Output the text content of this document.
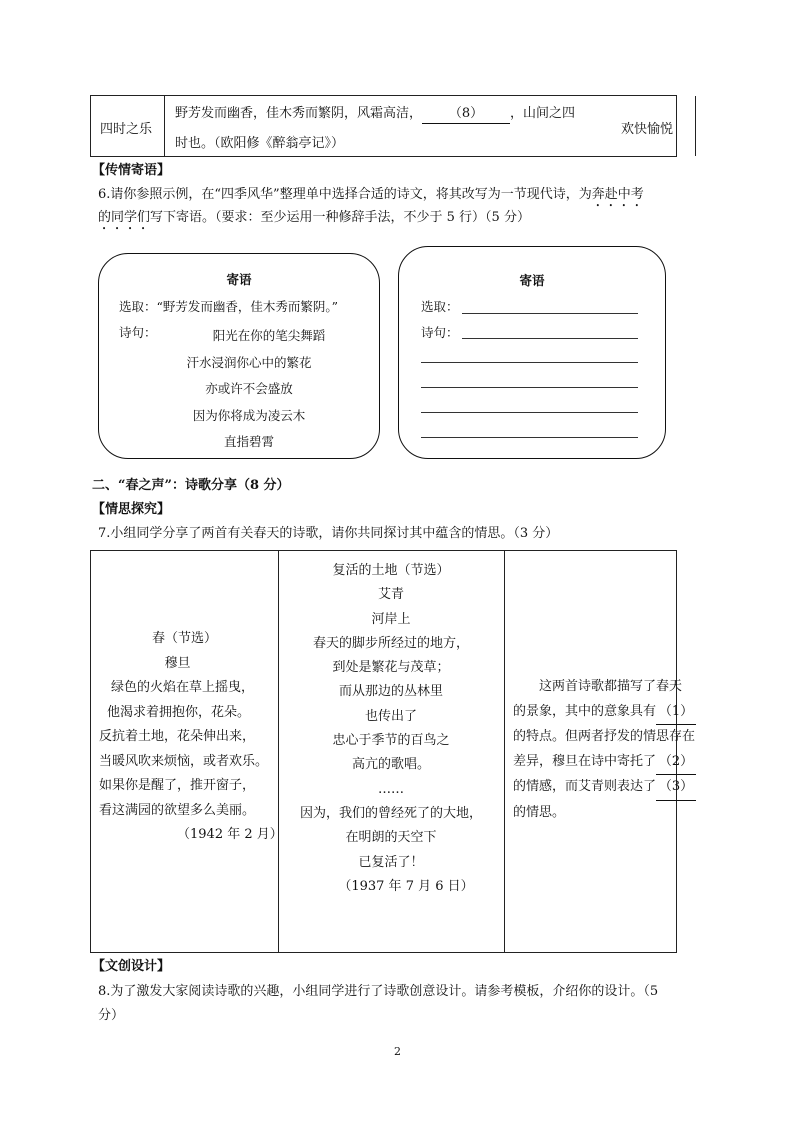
四时之乐
野芳发而幽香，佳木秀而繁阴，风霜高洁， （8） ，山间之四
时也。（欧阳修《醉翁亭记》）
欢快愉悦
【传情寄语】
6.请你参照示例，在“四季风华”整理单中选择合适的诗文，将其改写为一节现代诗，为奔赴中考
的同学们写下寄语。（要求：至少运用一种修辞手法，不少于 5 行）（5 分）
寄语
选取：“野芳发而幽香，佳木秀而繁阴。”
诗句：	阳光在你的笔尖舞蹈
汗水浸润你心中的繁花
亦或许不会盛放
因为你将成为凌云木
直指碧霄
寄语
选取：
诗句：
二、“春之声”：诗歌分享（8 分）
【情思探究】
7.小组同学分享了两首有关春天的诗歌，请你共同探讨其中蕴含的情思。（3 分）
春（节选）
穆旦
绿色的火焰在草上摇曳，
他渴求着拥抱你，花朵。
反抗着土地，花朵伸出来，
当暖风吹来烦恼，或者欢乐。
如果你是醒了，推开窗子，
看这满园的欲望多么美丽。
（1942 年 2 月）
复活的土地（节选）
艾青
河岸上
春天的脚步所经过的地方，
到处是繁花与茂草；
而从那边的丛林里
也传出了
忠心于季节的百鸟之
高亢的歌唱。
……
因为，我们的曾经死了的大地，
在明朗的天空下
已复活了！
（1937 年 7 月 6 日）
这两首诗歌都描写了春天
的景象，其中的意象具有 （1）
的特点。但两者抒发的情思存在
差异，穆旦在诗中寄托了 （2）
的情感，而艾青则表达了 （3）
的情思。
【文创设计】
8.为了激发大家阅读诗歌的兴趣，小组同学进行了诗歌创意设计。请参考模板，介绍你的设计。（5
分）
2
